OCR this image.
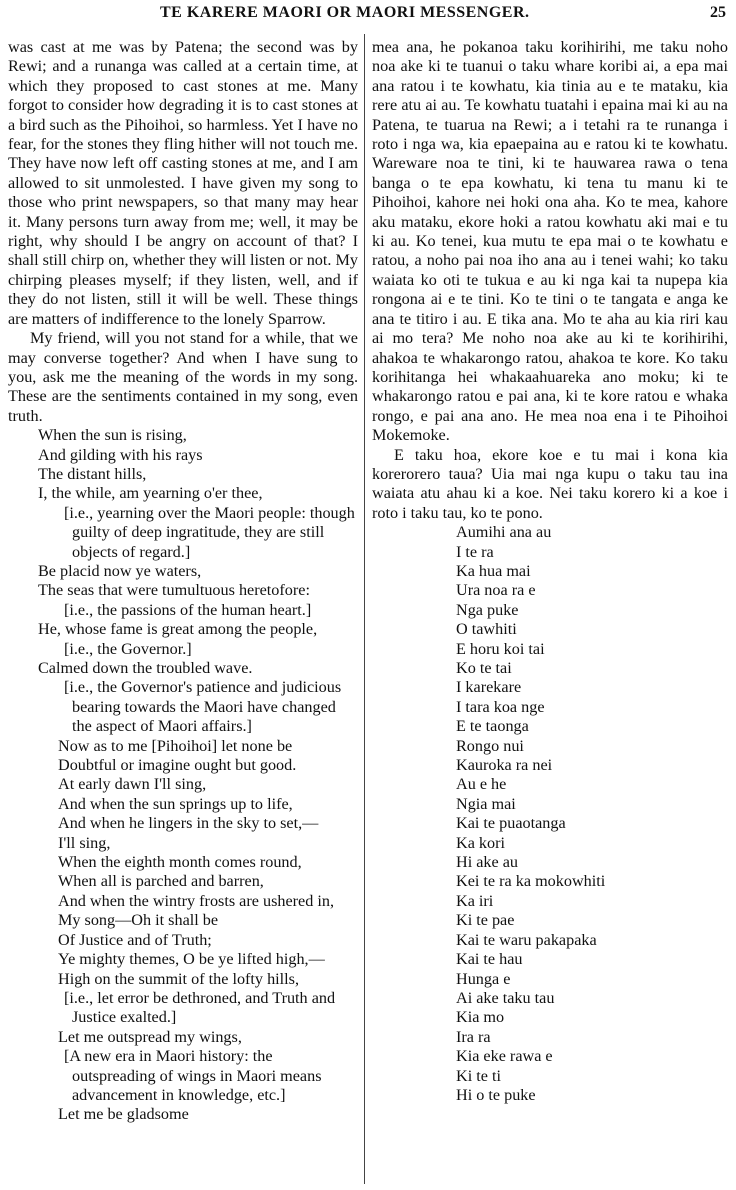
TE KARERE MAORI OR MAORI MESSENGER.	25

was cast at me was by Patena; the second was by Rewi; and a runanga was called at a certain time, at which they proposed to cast stones at me. Many forgot to consider how degrading it is to cast stones at a bird such as the Pihoihoi, so harmless. Yet I have no fear, for the stones they fling hither will not touch me. They have now left off casting stones at me, and I am allowed to sit unmolested. I have given my song to those who print newspapers, so that many may hear it. Many persons turn away from me; well, it may be right, why should I be angry on account of that? I shall still chirp on, whether they will listen or not. My chirping pleases myself; if they listen, well, and if they do not listen, still it will be well. These things are matters of indifference to the lonely Sparrow.

My friend, will you not stand for a while, that we may converse together? And when I have sung to you, ask me the meaning of the words in my song. These are the sentiments contained in my song, even truth.

When the sun is rising,

And gilding with his rays

The distant hills,

I, the while, am yearning o'er thee,

[i.e., yearning over the Maori people: though guilty of deep ingratitude, they are still objects of regard.]

Be placid now ye waters,

The seas that were tumultuous heretofore:

[i.e., the passions of the human heart.]

He, whose fame is great among the people,

[i.e., the Governor.]

Calmed down the troubled wave.

[i.e., the Governor's patience and judicious bearing towards the Maori have changed the aspect of Maori affairs.]

Now as to me [Pihoihoi] let none be

Doubtful or imagine ought but good.

At early dawn I'll sing,

And when the sun springs up to life,

And when he lingers in the sky to set,—

I'll sing,

When the eighth month comes round,

When all is parched and barren,

And when the wintry frosts are ushered in,

My song—Oh it shall be

Of Justice and of Truth;

Ye mighty themes, O be ye lifted high,—

High on the summit of the lofty hills,

[i.e., let error be dethroned, and Truth and Justice exalted.]

Let me outspread my wings,

[A new era in Maori history: the outspreading of wings in Maori means advancement in knowledge, etc.]

Let me be gladsome

mea ana, he pokanoa taku korihirihi, me taku noho noa ake ki te tuanui o taku whare koribi ai, a epa mai ana ratou i te kowhatu, kia tinia au e te mataku, kia rere atu ai au. Te kowhatu tuatahi i epaina mai ki au na Patena, te tuarua na Rewi; a i tetahi ra te runanga i roto i nga wa, kia epaepaina au e ratou ki te kowhatu. Wareware noa te tini, ki te hauwarea rawa o tena banga o te epa kowhatu, ki tena tu manu ki te Pihoihoi, kahore nei hoki ona aha. Ko te mea, kahore aku mataku, ekore hoki a ratou kowhatu aki mai e tu ki au. Ko tenei, kua mutu te epa mai o te kowhatu e ratou, a noho pai noa iho ana au i tenei wahi; ko taku waiata ko oti te tukua e au ki nga kai ta nupepa kia rongona ai e te tini. Ko te tini o te tangata e anga ke ana te titiro i au. E tika ana. Mo te aha au kia riri kau ai mo tera? Me noho noa ake au ki te korihirihi, ahakoa te whakarongo ratou, ahakoa te kore. Ko taku korihitanga hei whakaahuareka ano moku; ki te whakarongo ratou e pai ana, ki te kore ratou e whaka rongo, e pai ana ano. He mea noa ena i te Pihoihoi Mokemoke.

E taku hoa, ekore koe e tu mai i kona kia korerorero taua? Uia mai nga kupu o taku tau ina waiata atu ahau ki a koe. Nei taku korero ki a koe i roto i taku tau, ko te pono.

Aumihi ana au

I te ra

Ka hua mai

Ura noa ra e

Nga puke

O tawhiti

E horu koi tai

Ko te tai

I karekare

I tara koa nge

E te taonga

Rongo nui

Kauroka ra nei

Au e he

Ngia mai

Kai te puaotanga

Ka kori

Hi ake au

Kei te ra ka mokowhiti

Ka iri

Ki te pae

Kai te waru pakapaka

Kai te hau

Hunga e

Ai ake taku tau

Kia mo

Ira ra

Kia eke rawa e

Ki te ti

Hi o te puke
